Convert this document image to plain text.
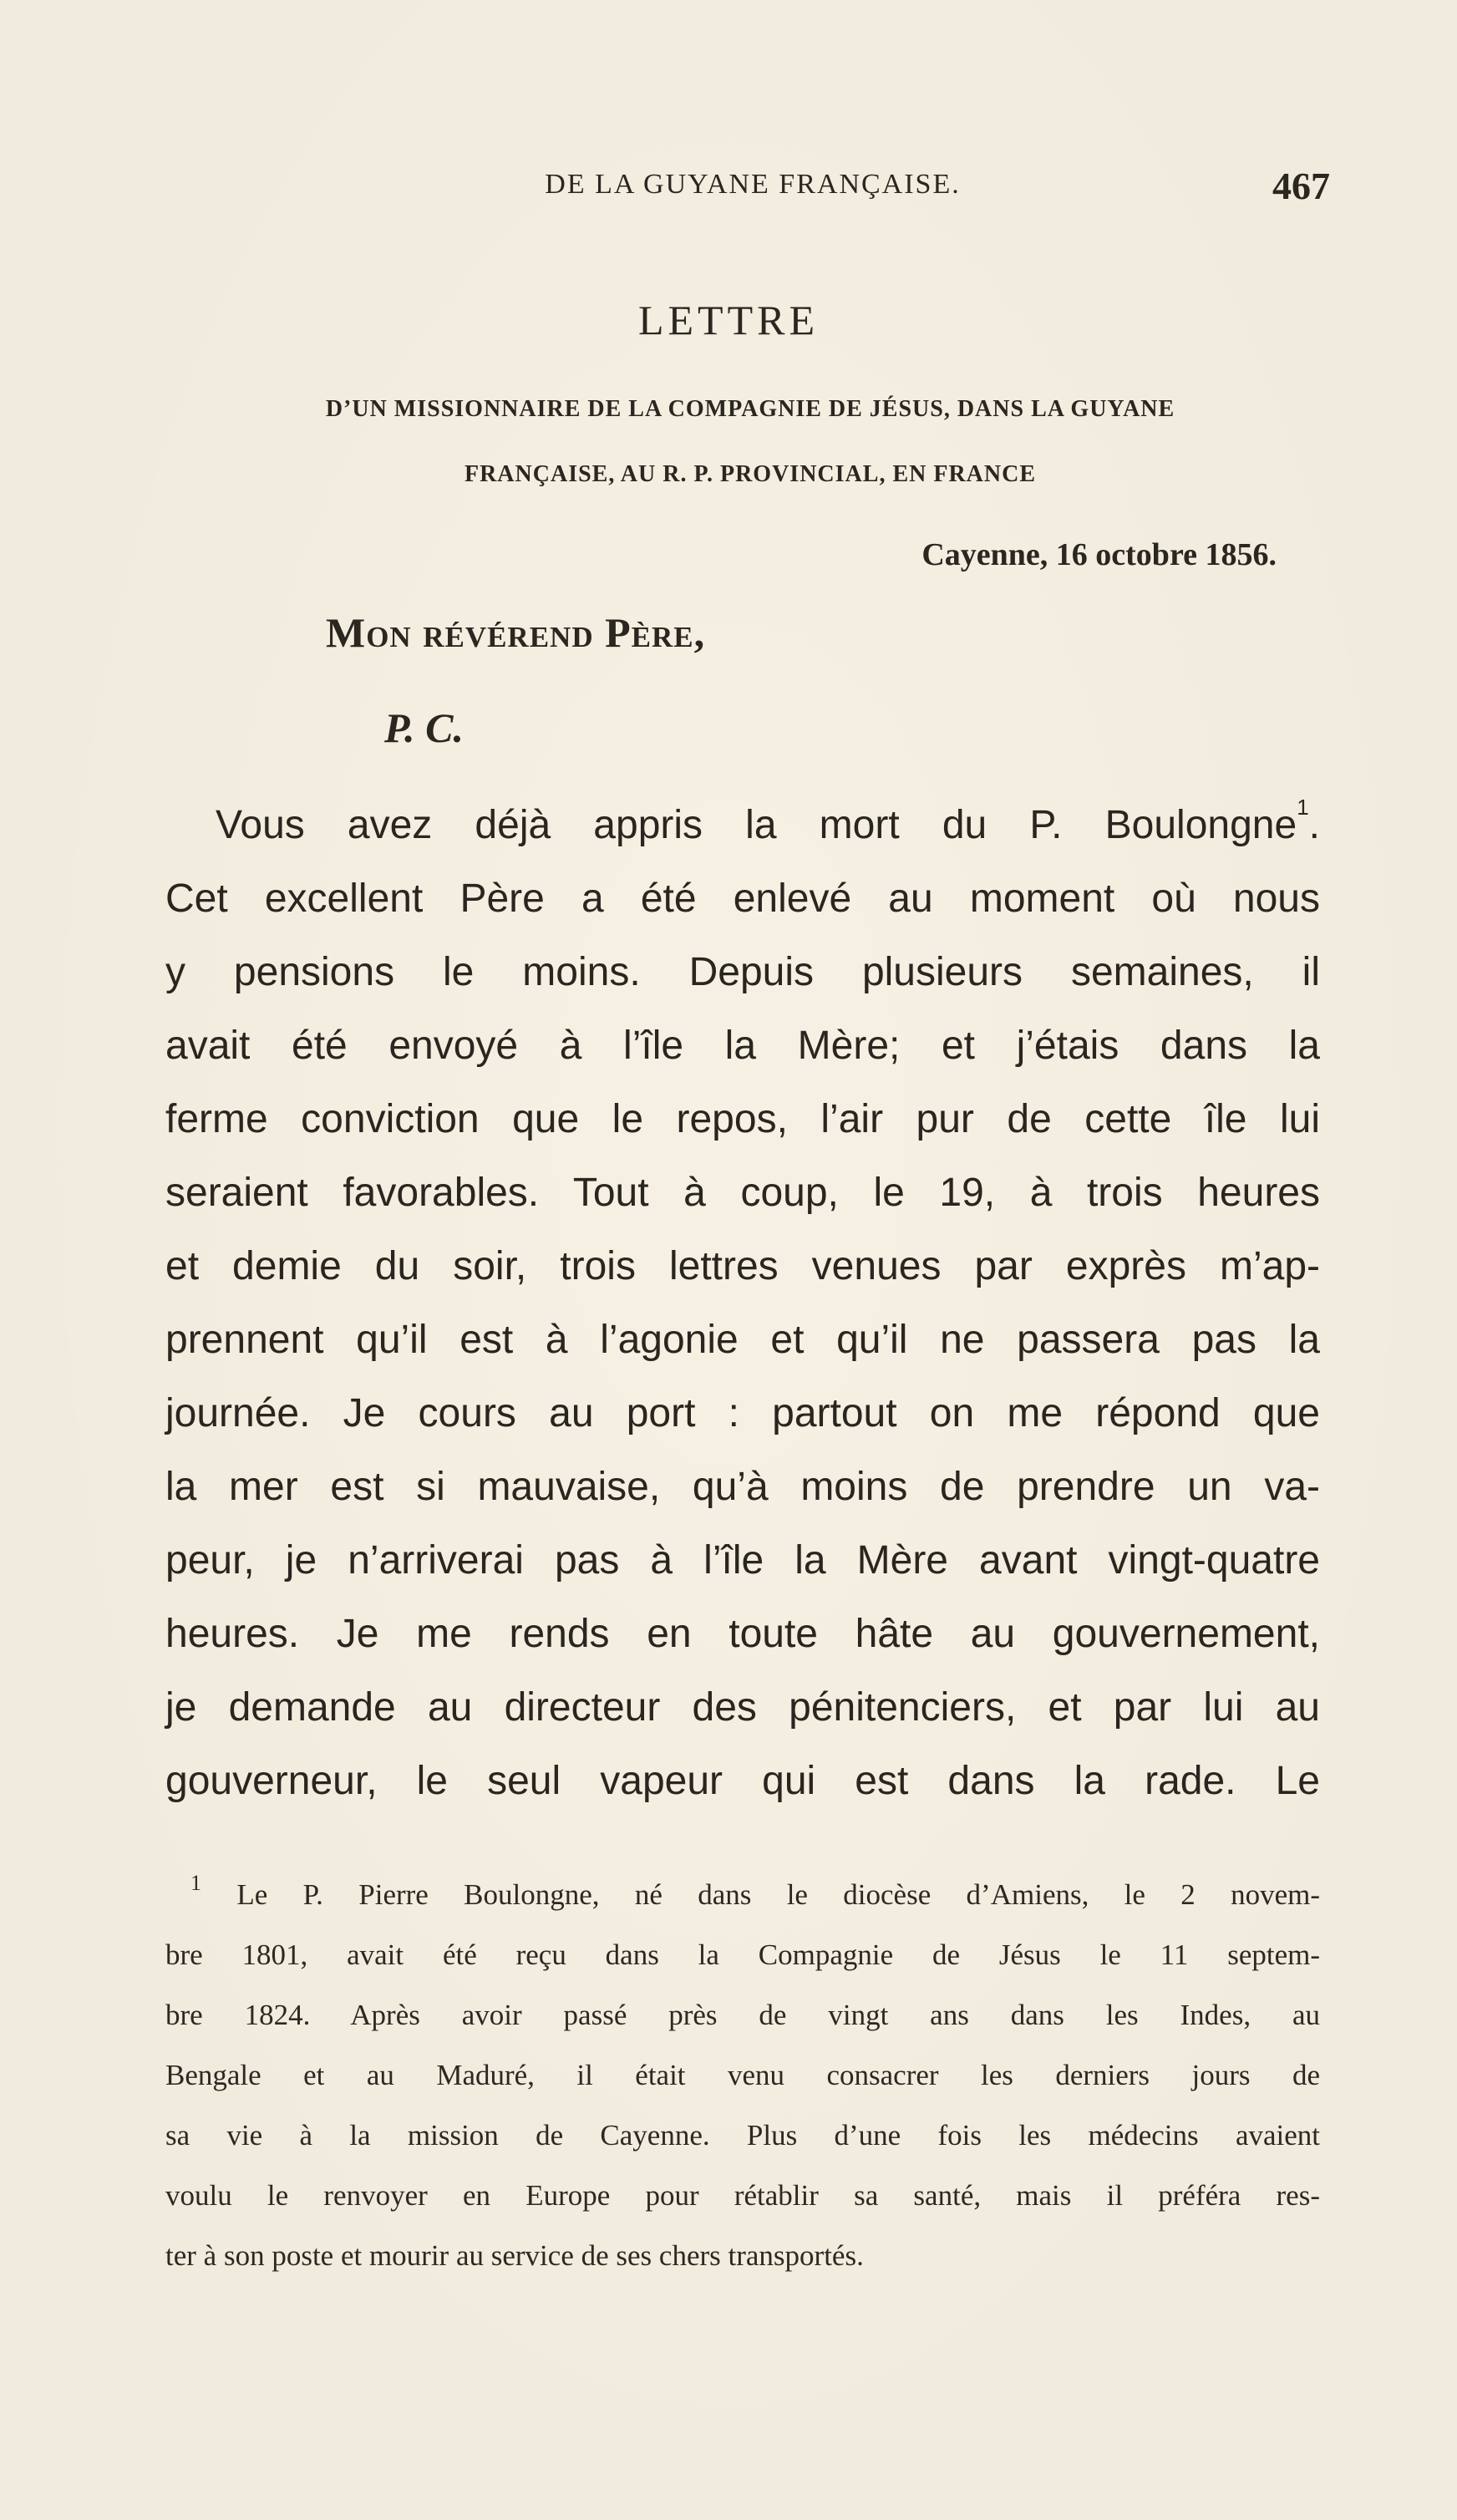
DE LA GUYANE FRANÇAISE.	467
LETTRE
D’UN MISSIONNAIRE DE LA COMPAGNIE DE JÉSUS, DANS LA GUYANE
FRANÇAISE, AU R. P. PROVINCIAL, EN FRANCE
Cayenne, 16 octobre 1856.
Mon révérend Père,
P. C.
Vous avez déjà appris la mort du P. Boulongne$^1$.
Cet excellent Père a été enlevé au moment où nous
y pensions le moins. Depuis plusieurs semaines, il
avait été envoyé à l’île la Mère; et j’étais dans la
ferme conviction que le repos, l’air pur de cette île lui
seraient favorables. Tout à coup, le 19, à trois heures
et demie du soir, trois lettres venues par exprès m’ap-
prennent qu’il est à l’agonie et qu’il ne passera pas la
journée. Je cours au port : partout on me répond que
la mer est si mauvaise, qu’à moins de prendre un va-
peur, je n’arriverai pas à l’île la Mère avant vingt-quatre
heures. Je me rends en toute hâte au gouvernement,
je demande au directeur des pénitenciers, et par lui au
gouverneur, le seul vapeur qui est dans la rade. Le
$^1$ Le P. Pierre Boulongne, né dans le diocèse d’Amiens, le 2 novem-
bre 1801, avait été reçu dans la Compagnie de Jésus le 11 septem-
bre 1824. Après avoir passé près de vingt ans dans les Indes, au
Bengale et au Maduré, il était venu consacrer les derniers jours de
sa vie à la mission de Cayenne. Plus d’une fois les médecins avaient
voulu le renvoyer en Europe pour rétablir sa santé, mais il préféra res-
ter à son poste et mourir au service de ses chers transportés.
